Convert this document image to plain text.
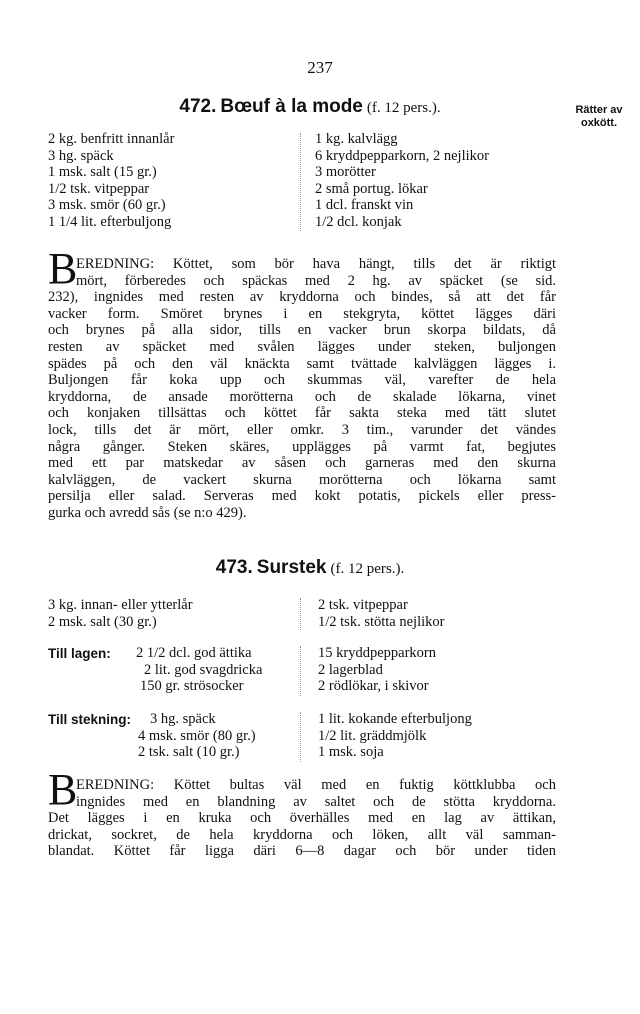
237
472. Bœuf à la mode (f. 12 pers.).	Rätter av
oxkött.
2 kg. benfritt innanlår
3 hg. späck
1 msk. salt (15 gr.)
1/2 tsk. vitpeppar
3 msk. smör (60 gr.)
1 1/4 lit. efterbuljong
1 kg. kalvlägg
6 kryddpepparkorn, 2 nejlikor
3 morötter
2 små portug. lökar
1 dcl. franskt vin
1/2 dcl. konjak
B
EREDNING: Köttet, som bör hava hängt, tills det är riktigt
mört, förberedes och späckas med 2 hg. av späcket (se sid.
232), ingnides med resten av kryddorna och bindes, så att det får
vacker form. Smöret brynes i en stekgryta, köttet lägges däri
och brynes på alla sidor, tills en vacker brun skorpa bildats, då
resten av späcket med svålen lägges under steken, buljongen
spädes på och den väl knäckta samt tvättade kalvläggen lägges i.
Buljongen får koka upp och skummas väl, varefter de hela
kryddorna, de ansade morötterna och de skalade lökarna, vinet
och konjaken tillsättas och köttet får sakta steka med tätt slutet
lock, tills det är mört, eller omkr. 3 tim., varunder det vändes
några gånger. Steken skäres, upplägges på varmt fat, begjutes
med ett par matskedar av såsen och garneras med den skurna
kalvläggen, de vackert skurna morötterna och lökarna samt
persilja eller salad. Serveras med kokt potatis, pickels eller press-
gurka och avredd sås (se n:o 429).
473. Surstek (f. 12 pers.).
3 kg. innan- eller ytterlår
2 msk. salt (30 gr.)
2 tsk. vitpeppar
1/2 tsk. stötta nejlikor
Till lagen: 2 1/2 dcl. god ättika
2 lit. god svagdricka
150 gr. strösocker
15 kryddpepparkorn
2 lagerblad
2 rödlökar, i skivor
Till stekning: 3 hg. späck
4 msk. smör (80 gr.)
2 tsk. salt (10 gr.)
1 lit. kokande efterbuljong
1/2 lit. gräddmjölk
1 msk. soja
B
EREDNING: Köttet bultas väl med en fuktig köttklubba och
ingnides med en blandning av saltet och de stötta kryddorna.
Det lägges i en kruka och överhälles med en lag av ättikan,
drickat, sockret, de hela kryddorna och löken, allt väl samman-
blandat. Köttet får ligga däri 6—8 dagar och bör under tiden
